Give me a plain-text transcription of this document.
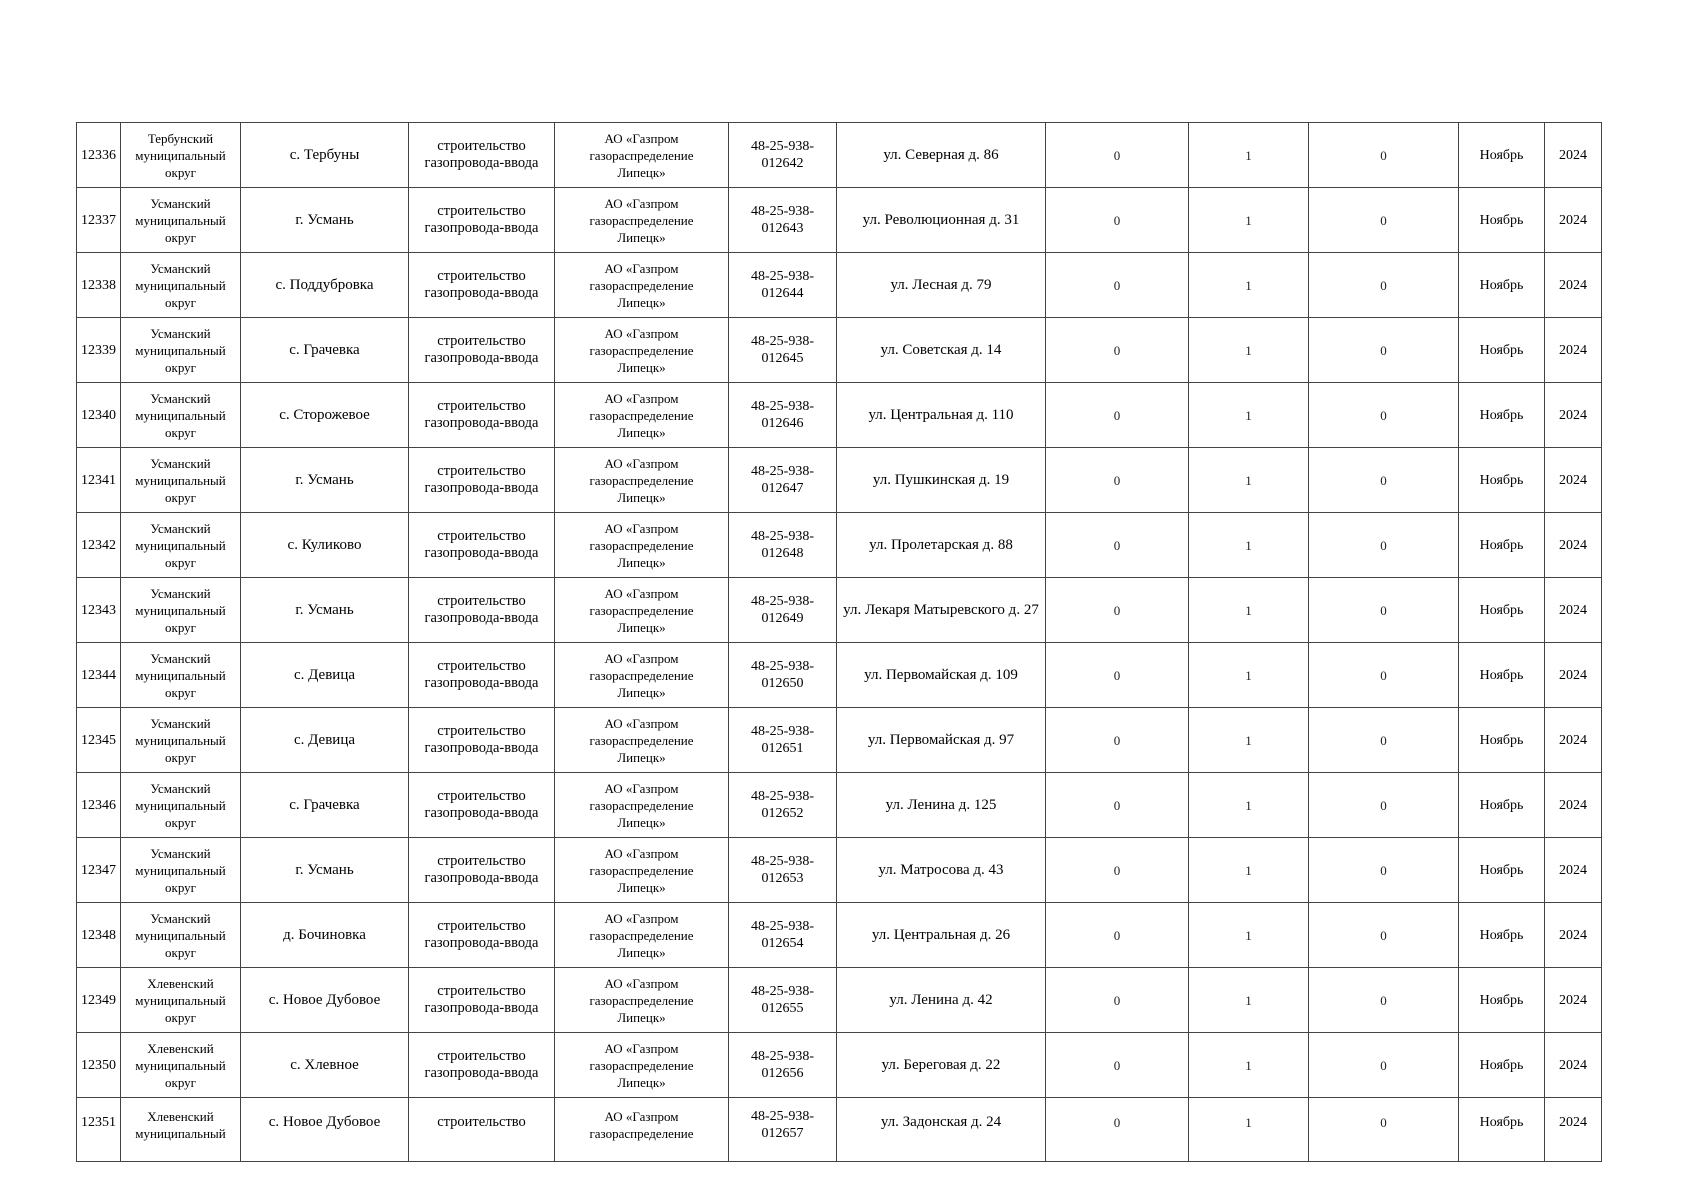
12336	Тербунский
муниципальный
округ	с. Тербуны	строительство
газопровода-ввода	АО «Газпром
газораспределение
Липецк»	48-25-938-
012642	ул. Северная д. 86	0	1	0	Ноябрь	2024
12337	Усманский
муниципальный
округ	г. Усмань	строительство
газопровода-ввода	АО «Газпром
газораспределение
Липецк»	48-25-938-
012643	ул. Революционная д. 31	0	1	0	Ноябрь	2024
12338	Усманский
муниципальный
округ	с. Поддубровка	строительство
газопровода-ввода	АО «Газпром
газораспределение
Липецк»	48-25-938-
012644	ул. Лесная д. 79	0	1	0	Ноябрь	2024
12339	Усманский
муниципальный
округ	с. Грачевка	строительство
газопровода-ввода	АО «Газпром
газораспределение
Липецк»	48-25-938-
012645	ул. Советская д. 14	0	1	0	Ноябрь	2024
12340	Усманский
муниципальный
округ	с. Сторожевое	строительство
газопровода-ввода	АО «Газпром
газораспределение
Липецк»	48-25-938-
012646	ул. Центральная д. 110	0	1	0	Ноябрь	2024
12341	Усманский
муниципальный
округ	г. Усмань	строительство
газопровода-ввода	АО «Газпром
газораспределение
Липецк»	48-25-938-
012647	ул. Пушкинская д. 19	0	1	0	Ноябрь	2024
12342	Усманский
муниципальный
округ	с. Куликово	строительство
газопровода-ввода	АО «Газпром
газораспределение
Липецк»	48-25-938-
012648	ул. Пролетарская д. 88	0	1	0	Ноябрь	2024
12343	Усманский
муниципальный
округ	г. Усмань	строительство
газопровода-ввода	АО «Газпром
газораспределение
Липецк»	48-25-938-
012649	ул. Лекаря Матыревского д. 27	0	1	0	Ноябрь	2024
12344	Усманский
муниципальный
округ	с. Девица	строительство
газопровода-ввода	АО «Газпром
газораспределение
Липецк»	48-25-938-
012650	ул. Первомайская д. 109	0	1	0	Ноябрь	2024
12345	Усманский
муниципальный
округ	с. Девица	строительство
газопровода-ввода	АО «Газпром
газораспределение
Липецк»	48-25-938-
012651	ул. Первомайская д. 97	0	1	0	Ноябрь	2024
12346	Усманский
муниципальный
округ	с. Грачевка	строительство
газопровода-ввода	АО «Газпром
газораспределение
Липецк»	48-25-938-
012652	ул. Ленина д. 125	0	1	0	Ноябрь	2024
12347	Усманский
муниципальный
округ	г. Усмань	строительство
газопровода-ввода	АО «Газпром
газораспределение
Липецк»	48-25-938-
012653	ул. Матросова д. 43	0	1	0	Ноябрь	2024
12348	Усманский
муниципальный
округ	д. Бочиновка	строительство
газопровода-ввода	АО «Газпром
газораспределение
Липецк»	48-25-938-
012654	ул. Центральная д. 26	0	1	0	Ноябрь	2024
12349	Хлевенский
муниципальный
округ	с. Новое Дубовое	строительство
газопровода-ввода	АО «Газпром
газораспределение
Липецк»	48-25-938-
012655	ул. Ленина д. 42	0	1	0	Ноябрь	2024
12350	Хлевенский
муниципальный
округ	с. Хлевное	строительство
газопровода-ввода	АО «Газпром
газораспределение
Липецк»	48-25-938-
012656	ул. Береговая д. 22	0	1	0	Ноябрь	2024
12351	Хлевенский
муниципальный	с. Новое Дубовое	строительство	АО «Газпром
газораспределение	48-25-938-
012657	ул. Задонская д. 24	0	1	0	Ноябрь	2024
